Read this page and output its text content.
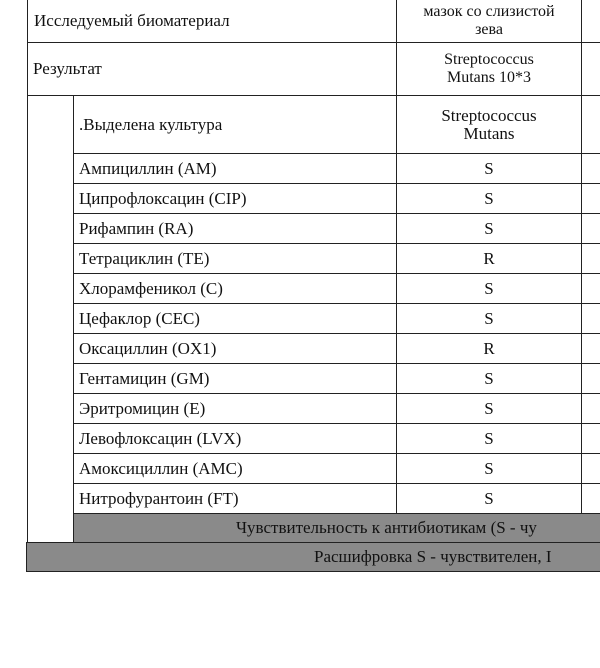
Исследуемый биоматериал	мазок со слизистой
зева
Результат	Streptococcus
Mutans 10*3
.Выделена культура	Streptococcus
Mutans
Ампициллин (AM)	S
Ципрофлоксацин (CIP)	S
Рифампин (RA)	S
Тетрациклин (TE)	R
Хлорамфеникол (C)	S
Цефаклор (CEC)	S
Оксациллин (OX1)	R
Гентамицин (GM)	S
Эритромицин (E)	S
Левофлоксацин (LVX)	S
Амоксициллин (AMC)	S
Нитрофурантоин (FT)	S
Чувствительность к антибиотикам (S - чу
Расшифровка S - чувствителен, I
